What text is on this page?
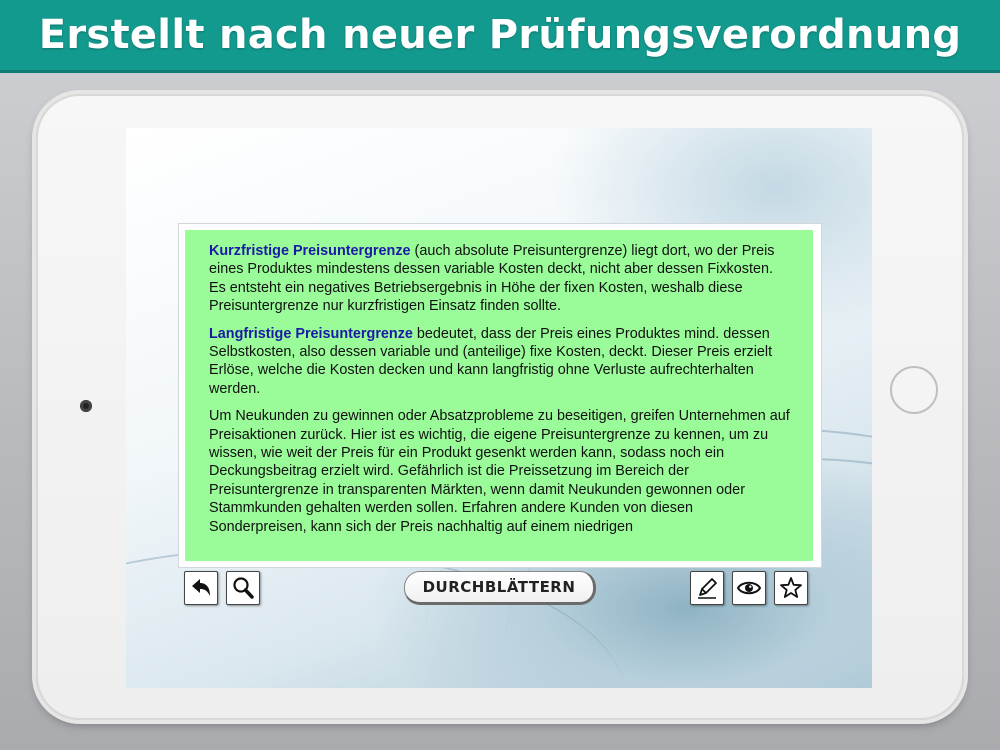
Erstellt nach neuer Prüfungsverordnung

Kurzfristige Preisuntergrenze (auch absolute Preisuntergrenze) liegt dort, wo der Preis eines Produktes mindestens dessen variable Kosten deckt, nicht aber dessen Fixkosten. Es entsteht ein negatives Betriebsergebnis in Höhe der fixen Kosten, weshalb diese Preisuntergrenze nur kurzfristigen Einsatz finden sollte.

Langfristige Preisuntergrenze bedeutet, dass der Preis eines Produktes mind. dessen Selbstkosten, also dessen variable und (anteilige) fixe Kosten, deckt. Dieser Preis erzielt Erlöse, welche die Kosten decken und kann langfristig ohne Verluste aufrechterhalten werden.

Um Neukunden zu gewinnen oder Absatzprobleme zu beseitigen, greifen Unternehmen auf Preisaktionen zurück. Hier ist es wichtig, die eigene Preisuntergrenze zu kennen, um zu wissen, wie weit der Preis für ein Produkt gesenkt werden kann, sodass noch ein Deckungsbeitrag erzielt wird. Gefährlich ist die Preissetzung im Bereich der Preisuntergrenze in transparenten Märkten, wenn damit Neukunden gewonnen oder Stammkunden gehalten werden sollen. Erfahren andere Kunden von diesen Sonderpreisen, kann sich der Preis nachhaltig auf einem niedrigen

DURCHBLÄTTERN
